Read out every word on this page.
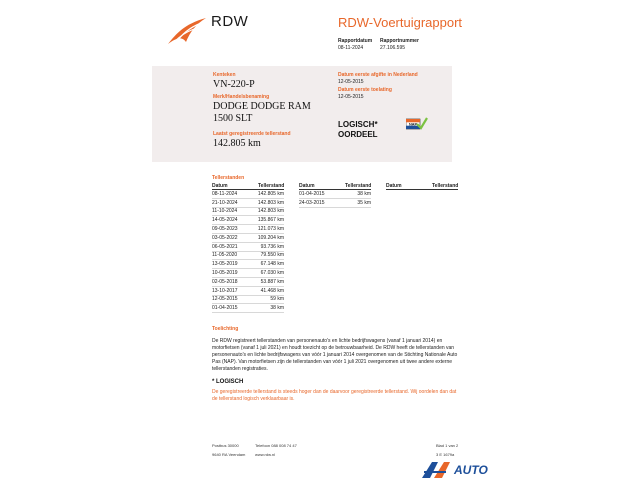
RDW	RDW-Voertuigrapport
Rapportdatum
08-11-2024
Rapportnummer
27.106.595
Kenteken
VN-220-P
Merk/Handelsbenaming
DODGE DODGE RAM
1500 SLT
Laatst geregistreerde tellerstand
142.805 km
Datum eerste afgifte in Nederland
12-05-2015
Datum eerste toelating
12-05-2015
LOGISCH*
OORDEEL
NAP
Tellerstanden
Datum	Tellerstand	Datum	Tellerstand	Datum	Tellerstand
08-11-2024	142.805 km
21-10-2024	142.803 km
11-10-2024	142.803 km
14-05-2024	135.867 km
09-05-2023	121.073 km
03-05-2022	109.204 km
06-05-2021	93.736 km
11-05-2020	79.550 km
13-05-2019	67.148 km
10-05-2019	67.030 km
02-05-2018	53.887 km
13-10-2017	41.468 km
12-05-2015	59 km
01-04-2015	38 km
01-04-2015	38 km
24-03-2015	35 km
Toelichting
De RDW registreert tellerstanden van personenauto's en lichte bedrijfswagens (vanaf 1 januari 2014) en motorfietsen (vanaf 1 juli 2021) en houdt toezicht op de betrouwbaarheid. De RDW heeft de tellerstanden van personenauto's en lichte bedrijfswagens van vóór 1 januari 2014 overgenomen van de Stichting Nationale Auto Pas (NAP). Van motorfietsen zijn de tellerstanden van vóór 1 juli 2021 overgenomen uit twee andere externe tellerstanden registraties.
* LOGISCH
De geregistreerde tellerstand is steeds hoger dan de daarvoor geregistreerde tellerstand. Wij oordelen dan dat de tellerstand logisch verklaarbaar is.
Postbus 30000
9640 RA Veendam
Telefoon 088 008 74 47
www.rdw.nl
Blad 1 van 2
3 E 1679a
AUTO
